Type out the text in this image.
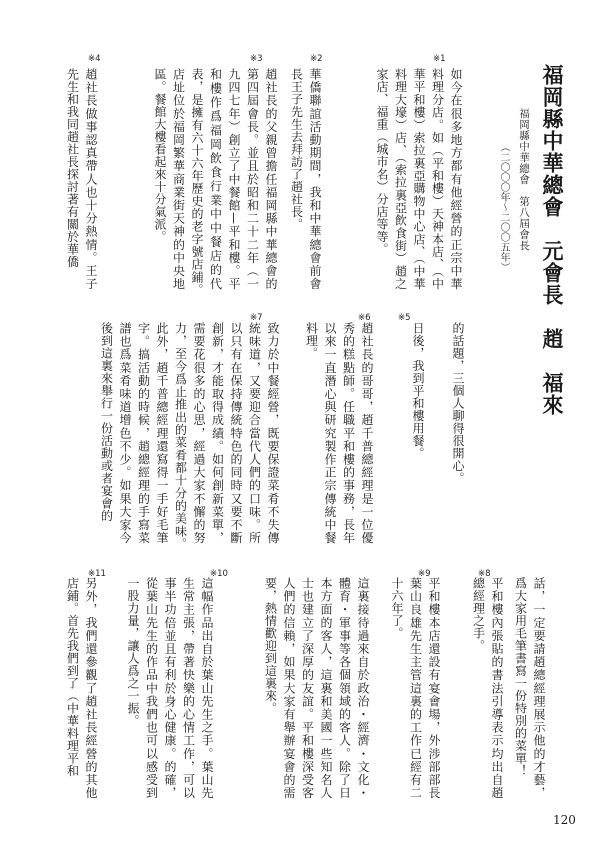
福岡縣中華總會　元會長　趙　福來
福岡縣中華總會　第八屆會長
（二〇〇〇年〜二〇〇五年）
※1
※2
※3
※4
※5
※6
※7
※8
※9
※10
※11
如今在很多地方都有他經營的正宗中華料理分店。如（平和樓）天神本店、（中華平和樓）索拉裏亞購物中心店、（中華料理大壕）店、（索拉裏亞飲食街）趙之家店、福重（城市名）分店等等。
華僑聯誼活動期間，我和中華總會前會長王子先生去拜訪了趙社長。
趙社長的父親曾擔任福岡縣中華總會的第四屆會長。並且於昭和二十二年（一九四七年）創立了中餐館—平和樓。平和樓作爲福岡飲食行業中中餐店的代表，是擁有六十六年歷史的老字號店鋪。　店址位於福岡繁華商業街天神的中央地區。餐館大樓看起來十分氣派。
趙社長做事認真帶人也十分熱情。王子先生和我同趙社長探討著有關於華僑
的話題，三個人聊得很開心。
日後，我到平和樓用餐。
趙社長的哥哥，趙千普總經理是一位優秀的糕點師。任職平和樓的事務，長年以來一直潛心與研究製作正宗傳統中餐料理。
致力於中餐經營，既要保證菜肴不失傳統味道，又要迎合當代人們的口味。所以只有在保持傳統特色的同時又要不斷創新，才能取得成績。如何創新菜單，需要花很多的心思，經過大家不懈的努力，至今爲止推出的菜肴都十分的美味。　此外，趙千普總經理還寫得一手好毛筆字。搞活動的時候，趙總經理的手寫菜譜也爲菜肴味道增色不少。如果大家今後到這裏來舉行一份活動或者宴會的
話，一定要請趙總經理展示他的才藝，爲大家用毛筆書寫一份特別的菜單！
平和樓內張貼的書法引導表示均出自趙總經理之手。
平和樓本店還設有宴會場，外涉部部長葉山良雄先生主管這裏的工作已經有二十六年了。
這裏接待過來自於政治・經濟・文化・體育・軍事等各個領域的客人。除了日本方面的客人，這裏和美國一些知名人士也建立了深厚的友誼。平和樓深受客人們的信賴，如果大家有舉辦宴會的需要，熱情歡迎到這裏來。
這幅作品出自於葉山先生之手。葉山先生常主張，帶著快樂的心情工作，可以事半功倍並且有利於身心健康。的確，從葉山先生的作品中我們也可以感受到一股力量，讓人爲之一振。
另外，我們還參觀了趙社長經營的其他店鋪。首先我們到了（中華料理平和
120
